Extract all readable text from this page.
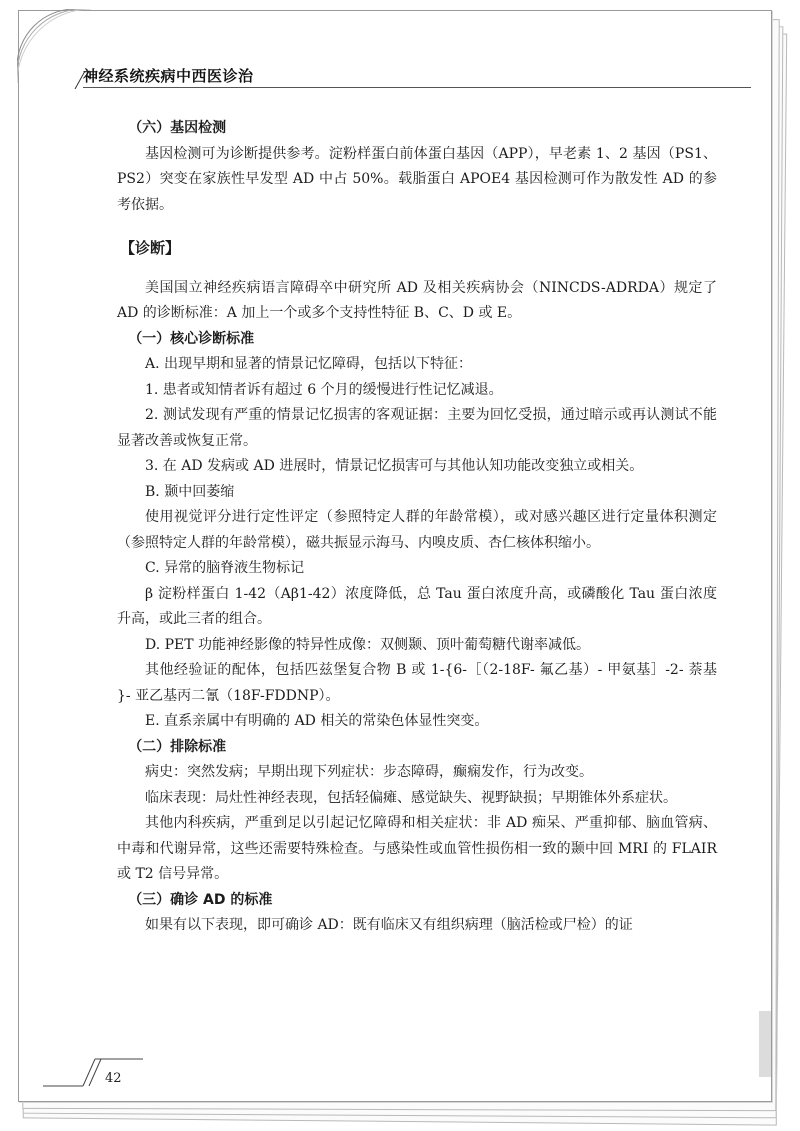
神经系统疾病中西医诊治

（六）基因检测

基因检测可为诊断提供参考。淀粉样蛋白前体蛋白基因（APP），早老素 1、2 基因（PS1、PS2）突变在家族性早发型 AD 中占 50%。载脂蛋白 APOE4 基因检测可作为散发性 AD 的参考依据。

【诊断】

美国国立神经疾病语言障碍卒中研究所 AD 及相关疾病协会（NINCDS-ADRDA）规定了 AD 的诊断标准：A 加上一个或多个支持性特征 B、C、D 或 E。

（一）核心诊断标准

A. 出现早期和显著的情景记忆障碍，包括以下特征：

1. 患者或知情者诉有超过 6 个月的缓慢进行性记忆减退。

2. 测试发现有严重的情景记忆损害的客观证据：主要为回忆受损，通过暗示或再认测试不能显著改善或恢复正常。

3. 在 AD 发病或 AD 进展时，情景记忆损害可与其他认知功能改变独立或相关。

B. 颞中回萎缩

使用视觉评分进行定性评定（参照特定人群的年龄常模），或对感兴趣区进行定量体积测定（参照特定人群的年龄常模），磁共振显示海马、内嗅皮质、杏仁核体积缩小。

C. 异常的脑脊液生物标记

β 淀粉样蛋白 1-42（Aβ1-42）浓度降低，总 Tau 蛋白浓度升高，或磷酸化 Tau 蛋白浓度升高，或此三者的组合。

D. PET 功能神经影像的特异性成像：双侧颞、顶叶葡萄糖代谢率减低。

其他经验证的配体，包括匹兹堡复合物 B 或 1-{6-［（2-18F- 氟乙基）- 甲氨基］-2- 萘基 }- 亚乙基丙二氰（18F-FDDNP）。

E. 直系亲属中有明确的 AD 相关的常染色体显性突变。

（二）排除标准

病史：突然发病；早期出现下列症状：步态障碍，癫痫发作，行为改变。

临床表现：局灶性神经表现，包括轻偏瘫、感觉缺失、视野缺损；早期锥体外系症状。

其他内科疾病，严重到足以引起记忆障碍和相关症状：非 AD 痴呆、严重抑郁、脑血管病、中毒和代谢异常，这些还需要特殊检查。与感染性或血管性损伤相一致的颞中回 MRI 的 FLAIR 或 T2 信号异常。

（三）确诊 AD 的标准

如果有以下表现，即可确诊 AD：既有临床又有组织病理（脑活检或尸检）的证

42
